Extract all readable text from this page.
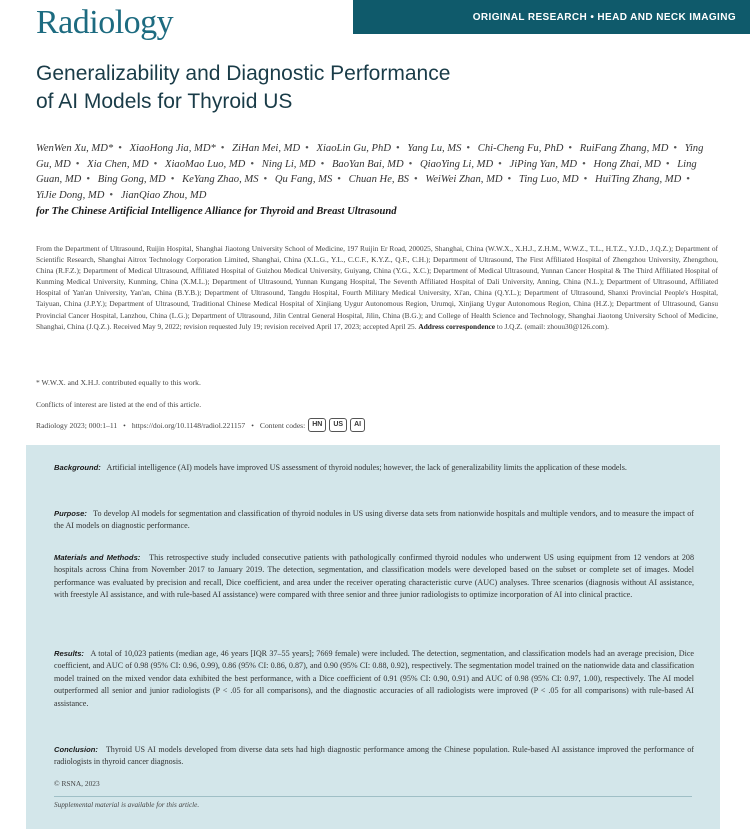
Radiology	ORIGINAL RESEARCH • HEAD AND NECK IMAGING
Generalizability and Diagnostic Performance
of AI Models for Thyroid US
WenWen Xu, MD* • XiaoHong Jia, MD* • ZiHan Mei, MD • XiaoLin Gu, PhD • Yang Lu, MS • Chi-Cheng Fu, PhD • RuiFang Zhang, MD • Ying Gu, MD • Xia Chen, MD • XiaoMao Luo, MD • Ning Li, MD • BaoYan Bai, MD • QiaoYing Li, MD • JiPing Yan, MD • Hong Zhai, MD • Ling Guan, MD • Bing Gong, MD • KeYang Zhao, MS • Qu Fang, MS • Chuan He, BS • WeiWei Zhan, MD • Ting Luo, MD • HuiTing Zhang, MD • YiJie Dong, MD • JianQiao Zhou, MD
for The Chinese Artificial Intelligence Alliance for Thyroid and Breast Ultrasound
From the Department of Ultrasound, Ruijin Hospital, Shanghai Jiaotong University School of Medicine, 197 Ruijin Er Road, 200025, Shanghai, China (W.W.X., X.H.J., Z.H.M., W.W.Z., T.L., H.T.Z., Y.J.D., J.Q.Z.); Department of Scientific Research, Shanghai Aitrox Technology Corporation Limited, Shanghai, China (X.L.G., Y.L., C.C.F., K.Y.Z., Q.F., C.H.); Department of Ultrasound, The First Affiliated Hospital of Zhengzhou University, Zhengzhou, China (R.F.Z.); Department of Medical Ultrasound, Affiliated Hospital of Guizhou Medical University, Guiyang, China (Y.G., X.C.); Department of Medical Ultrasound, Yunnan Cancer Hospital & The Third Affiliated Hospital of Kunming Medical University, Kunming, China (X.M.L.); Department of Ultrasound, Yunnan Kungang Hospital, The Seventh Affiliated Hospital of Dali University, Anning, China (N.L.); Department of Ultrasound, Affiliated Hospital of Yan'an University, Yan'an, China (B.Y.B.); Department of Ultrasound, Tangdu Hospital, Fourth Military Medical University, Xi'an, China (Q.Y.L.); Department of Ultrasound, Shanxi Provincial People's Hospital, Taiyuan, China (J.P.Y.); Department of Ultrasound, Traditional Chinese Medical Hospital of Xinjiang Uygur Autonomous Region, Urumqi, Xinjiang Uygur Autonomous Region, China (H.Z.); Department of Ultrasound, Gansu Provincial Cancer Hospital, Lanzhou, China (L.G.); Department of Ultrasound, Jilin Central General Hospital, Jilin, China (B.G.); and College of Health Science and Technology, Shanghai Jiaotong University School of Medicine, Shanghai, China (J.Q.Z.). Received May 9, 2022; revision requested July 19; revision received April 17, 2023; accepted April 25. Address correspondence to J.Q.Z. (email: zhouu30@126.com).
* W.W.X. and X.H.J. contributed equally to this work.
Conflicts of interest are listed at the end of this article.
Radiology 2023; 000:1–11 • https://doi.org/10.1148/radiol.221157 • Content codes:	HN US AI

Background: Artificial intelligence (AI) models have improved US assessment of thyroid nodules; however, the lack of generalizability limits the application of these models.

Purpose: To develop AI models for segmentation and classification of thyroid nodules in US using diverse data sets from nationwide hospitals and multiple vendors, and to measure the impact of the AI models on diagnostic performance.

Materials and Methods: This retrospective study included consecutive patients with pathologically confirmed thyroid nodules who underwent US using equipment from 12 vendors at 208 hospitals across China from November 2017 to January 2019. The detection, segmentation, and classification models were developed based on the subset or complete set of images. Model performance was evaluated by precision and recall, Dice coefficient, and area under the receiver operating characteristic curve (AUC) analyses. Three scenarios (diagnosis without AI assistance, with freestyle AI assistance, and with rule-based AI assistance) were compared with three senior and three junior radiologists to optimize incorporation of AI into clinical practice.

Results: A total of 10,023 patients (median age, 46 years [IQR 37–55 years]; 7669 female) were included. The detection, segmentation, and classification models had an average precision, Dice coefficient, and AUC of 0.98 (95% CI: 0.96, 0.99), 0.86 (95% CI: 0.86, 0.87), and 0.90 (95% CI: 0.88, 0.92), respectively. The segmentation model trained on the nationwide data and classification model trained on the mixed vendor data exhibited the best performance, with a Dice coefficient of 0.91 (95% CI: 0.90, 0.91) and AUC of 0.98 (95% CI: 0.97, 1.00), respectively. The AI model outperformed all senior and junior radiologists (P < .05 for all comparisons), and the diagnostic accuracies of all radiologists were improved (P < .05 for all comparisons) with rule-based AI assistance.

Conclusion: Thyroid US AI models developed from diverse data sets had high diagnostic performance among the Chinese population. Rule-based AI assistance improved the performance of radiologists in thyroid cancer diagnosis.

© RSNA, 2023
Supplemental material is available for this article.
